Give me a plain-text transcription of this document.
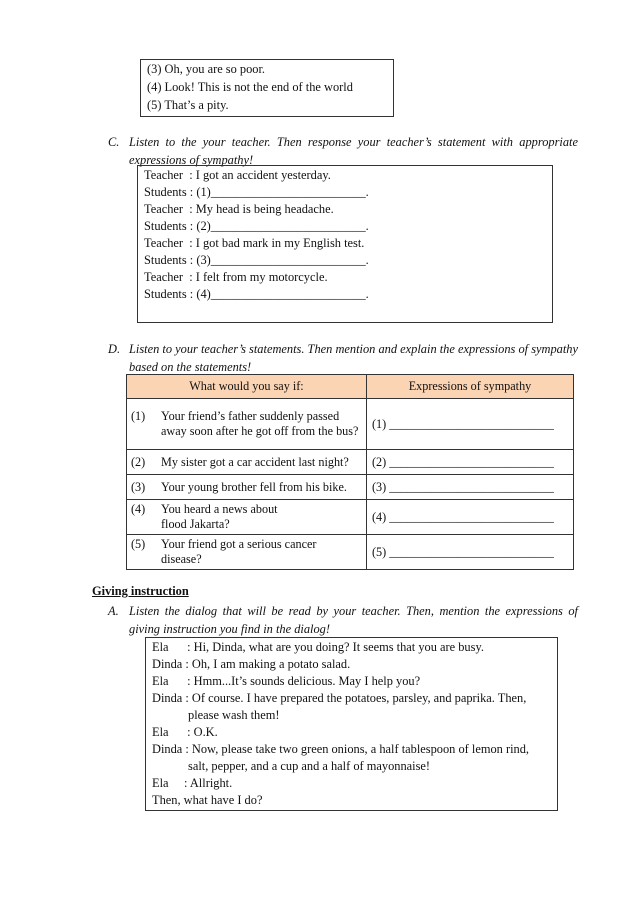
(3) Oh, you are so poor.
(4) Look! This is not the end of the world
(5) That’s a pity.
C. Listen to the your teacher. Then response your teacher’s statement with appropriate expressions of sympathy!
Teacher  : I got an accident yesterday.
Students : (1)_________________________.
Teacher  : My head is being headache.
Students : (2)_________________________.
Teacher  : I got bad mark in my English test.
Students : (3)_________________________.
Teacher  : I felt from my motorcycle.
Students : (4)_________________________.
D. Listen to your teacher’s statements. Then mention and explain the expressions of sympathy based on the statements!
What would you say if:	Expressions of sympathy

(1) Your friend’s father suddenly passed away soon after he got off from the bus?	(1) ___________________________

(2) My sister got a car accident last night?	(2) ___________________________

(3) Your young brother fell from his bike.	(3) ___________________________

(4) You heard a news about flood Jakarta?	(4) ___________________________

(5) Your friend got a serious cancer disease?	(5) ___________________________
Giving instruction
A. Listen the dialog that will be read by your teacher. Then, mention the expressions of giving instruction you find in the dialog!
Ela      : Hi, Dinda, what are you doing? It seems that you are busy.
Dinda : Oh, I am making a potato salad.
Ela      : Hmm...It’s sounds delicious. May I help you?
Dinda : Of course. I have prepared the potatoes, parsley, and paprika. Then,
please wash them!
Ela      : O.K.
Dinda : Now, please take two green onions, a half tablespoon of lemon rind,
salt, pepper, and a cup and a half of mayonnaise!
Ela     : Allright.
Then, what have I do?
